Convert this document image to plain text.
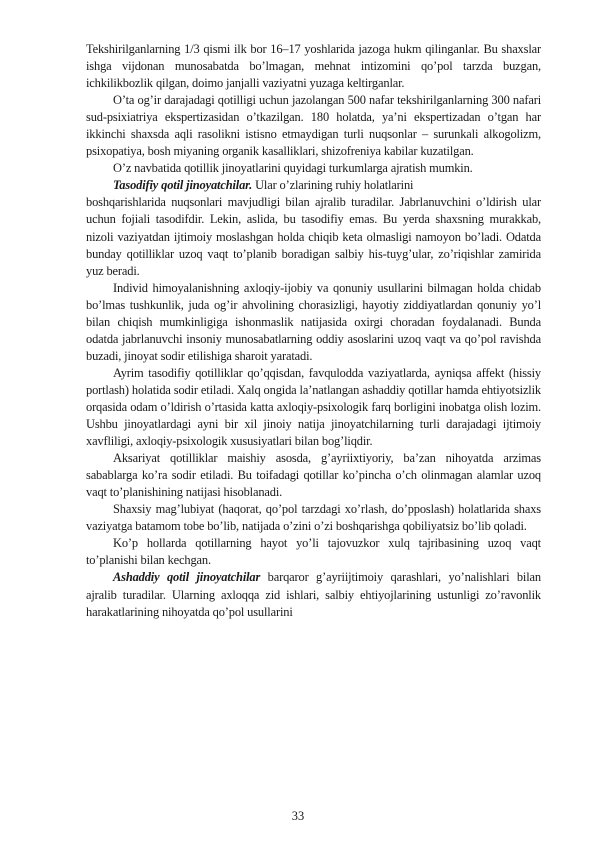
Tekshirilganlarning 1/3 qismi ilk bor 16–17 yoshlarida jazoga hukm qilinganlar. Bu shaxslar ishga vijdonan munosabatda bo’lmagan, mehnat intizomini qo’pol tarzda buzgan, ichkilikbozlik qilgan, doimo janjalli vaziyatni yuzaga keltirganlar.

O’ta og’ir darajadagi qotilligi uchun jazolangan 500 nafar tekshirilganlarning 300 nafari sud-psixiatriya ekspertizasidan o’tkazilgan. 180 holatda, ya’ni ekspertizadan o’tgan har ikkinchi shaxsda aqli rasolikni istisno etmaydigan turli nuqsonlar – surunkali alkogolizm, psixopatiya, bosh miyaning organik kasalliklari, shizofreniya kabilar kuzatilgan.

O’z navbatida qotillik jinoyatlarini quyidagi turkumlarga ajratish mumkin.

Tasodifiy qotil jinoyatchilar. Ular o’zlarining ruhiy holatlarini

boshqarishlarida nuqsonlari mavjudligi bilan ajralib turadilar. Jabrlanuvchini o’ldirish ular uchun fojiali tasodifdir. Lekin, aslida, bu tasodifiy emas. Bu yerda shaxsning murakkab, nizoli vaziyatdan ijtimoiy moslashgan holda chiqib keta olmasligi namoyon bo’ladi. Odatda bunday qotilliklar uzoq vaqt to’planib boradigan salbiy his-tuyg’ular, zo’riqishlar zamirida yuz beradi.

Individ himoyalanishning axloqiy-ijobiy va qonuniy usullarini bilmagan holda chidab bo’lmas tushkunlik, juda og’ir ahvolining chorasizligi, hayotiy ziddiyatlardan qonuniy yo’l bilan chiqish mumkinligiga ishonmaslik natijasida oxirgi choradan foydalanadi. Bunda odatda jabrlanuvchi insoniy munosabatlarning oddiy asoslarini uzoq vaqt va qo’pol ravishda buzadi, jinoyat sodir etilishiga sharoit yaratadi.

Ayrim tasodifiy qotilliklar qo’qqisdan, favqulodda vaziyatlarda, ayniqsa affekt (hissiy portlash) holatida sodir etiladi. Xalq ongida la’natlangan ashaddiy qotillar hamda ehtiyotsizlik orqasida odam o’ldirish o’rtasida katta axloqiy-psixologik farq borligini inobatga olish lozim. Ushbu jinoyatlardagi ayni bir xil jinoiy natija jinoyatchilarning turli darajadagi ijtimoiy xavfliligi, axloqiy-psixologik xususiyatlari bilan bog’liqdir.

Aksariyat qotilliklar maishiy asosda, g’ayriixtiyoriy, ba’zan nihoyatda arzimas sabablarga ko’ra sodir etiladi. Bu toifadagi qotillar ko’pincha o’ch olinmagan alamlar uzoq vaqt to’planishining natijasi hisoblanadi.

Shaxsiy mag’lubiyat (haqorat, qo’pol tarzdagi xo’rlash, do’pposlash) holatlarida shaxs vaziyatga batamom tobe bo’lib, natijada o’zini o’zi boshqarishga qobiliyatsiz bo’lib qoladi.

Ko’p hollarda qotillarning hayot yo’li tajovuzkor xulq tajribasining uzoq vaqt to’planishi bilan kechgan.

Ashaddiy qotil jinoyatchilar barqaror g’ayriijtimoiy qarashlari, yo’nalishlari bilan ajralib turadilar. Ularning axloqqa zid ishlari, salbiy ehtiyojlarining ustunligi zo’ravonlik harakatlarining nihoyatda qo’pol usullarini

33
